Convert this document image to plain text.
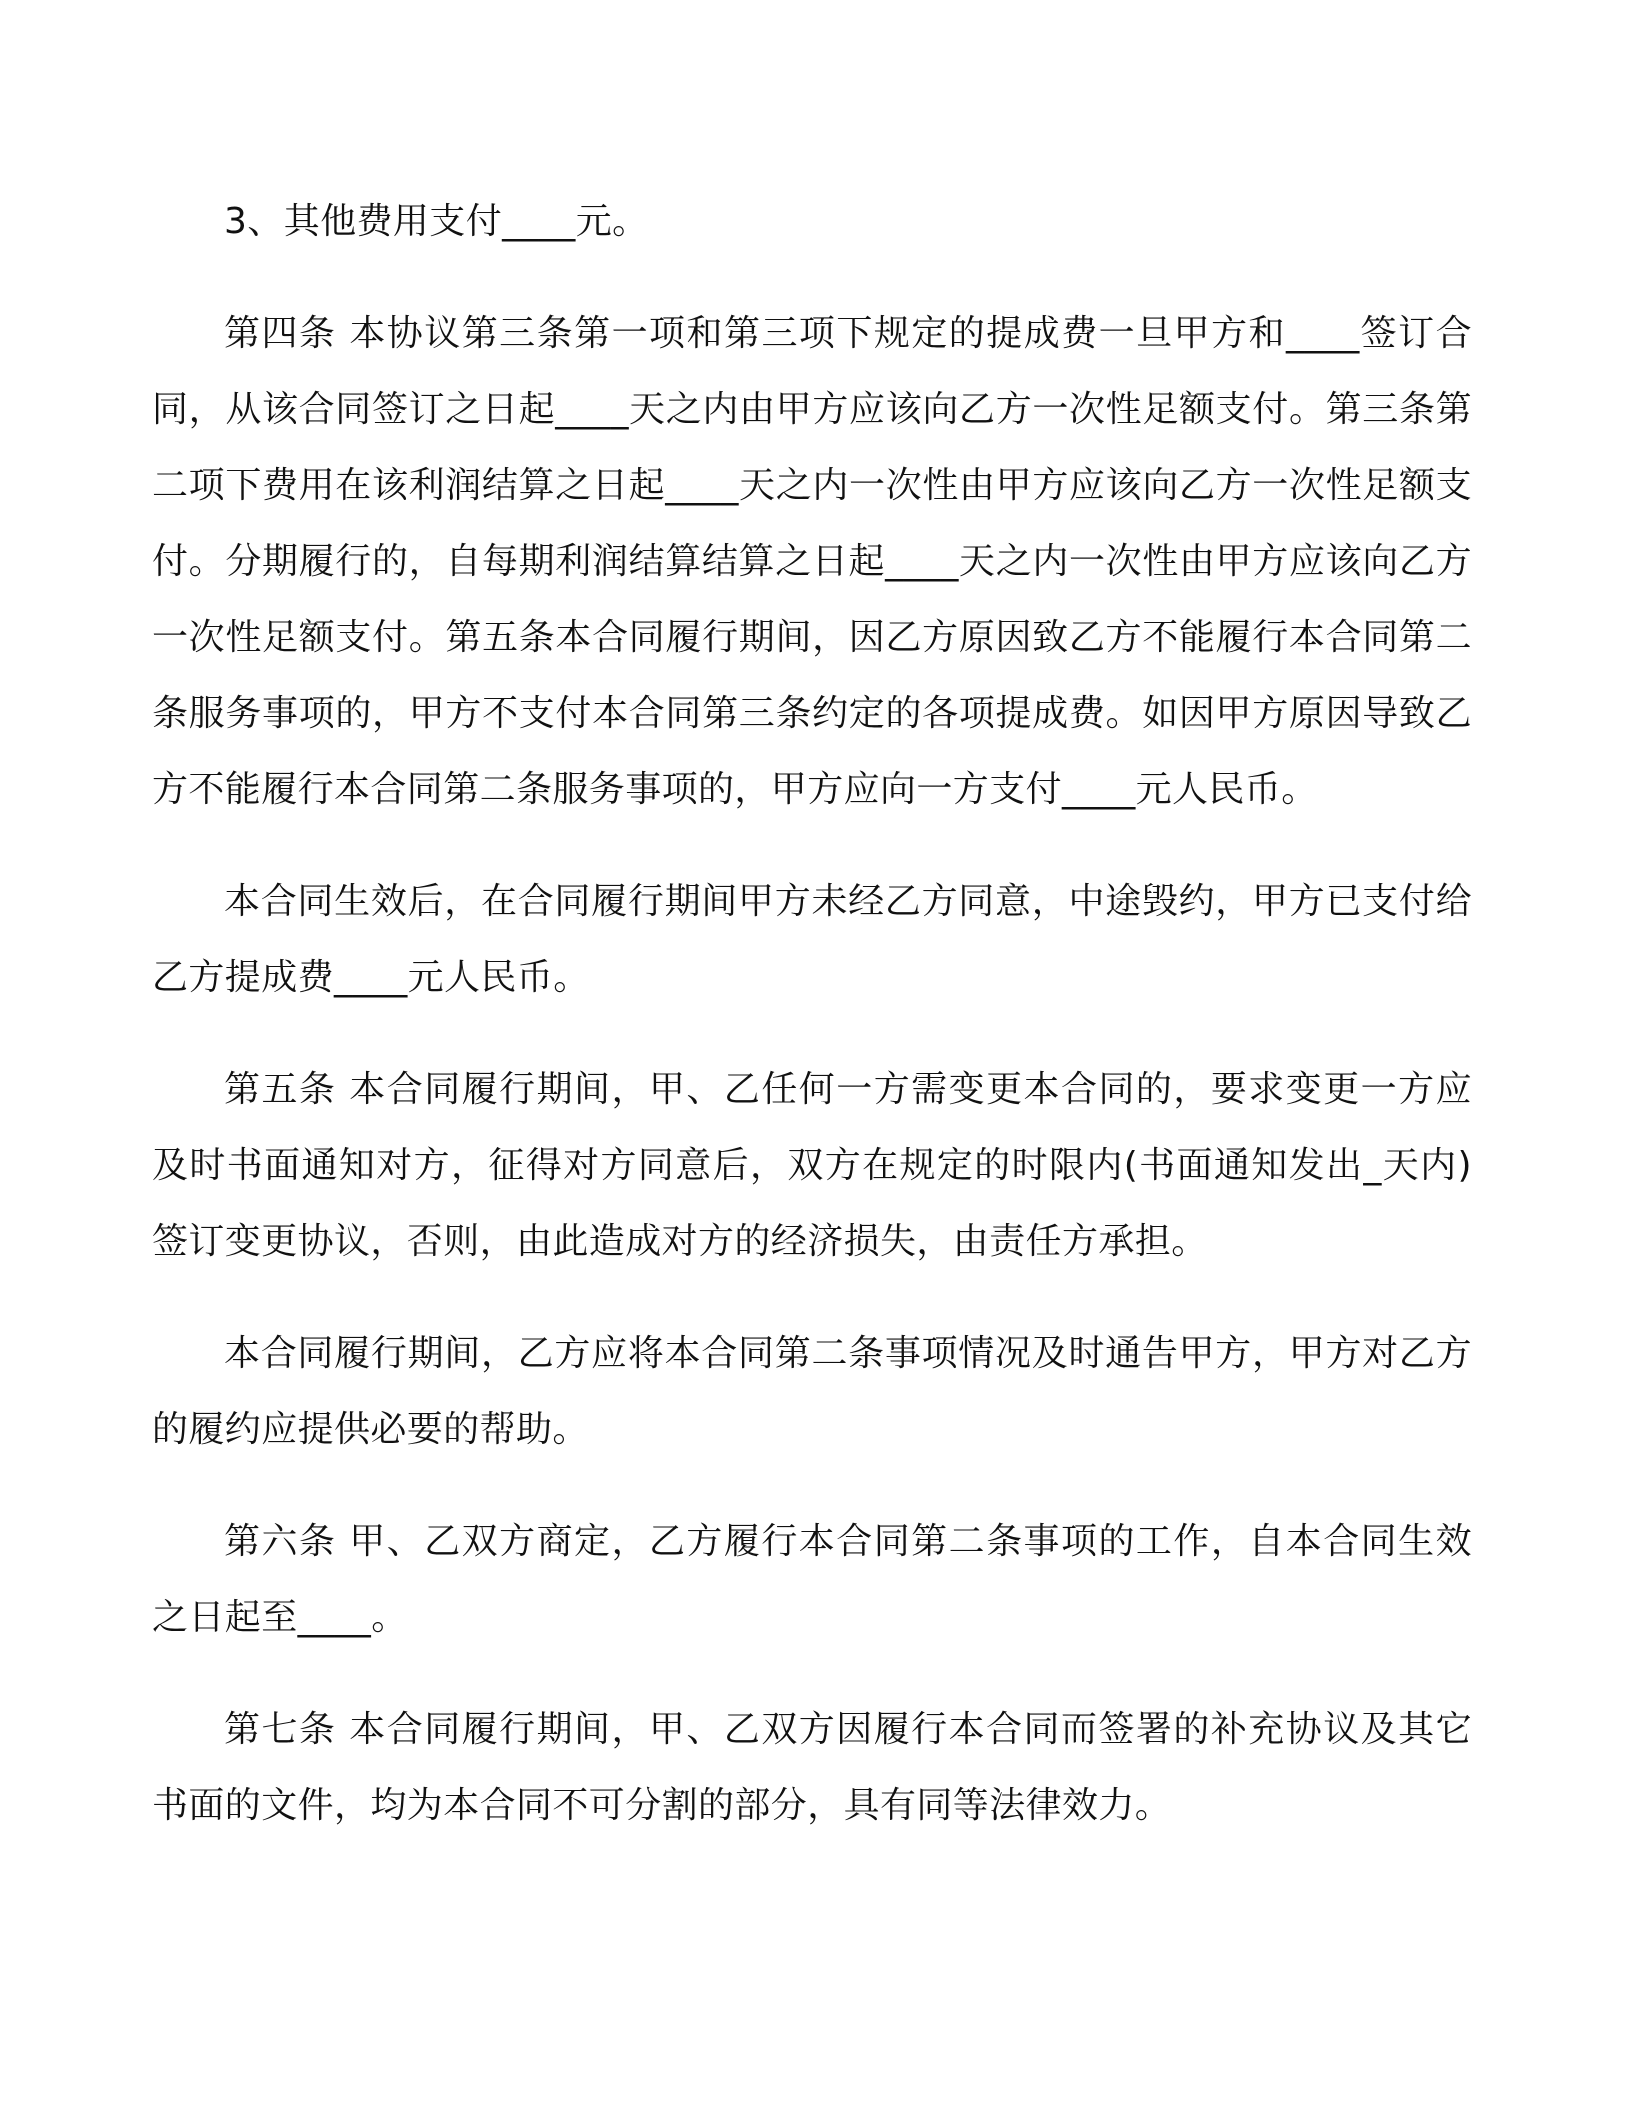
3、其他费用支付____元。

第四条 本协议第三条第一项和第三项下规定的提成费一旦甲方和____签订合同，从该合同签订之日起____天之内由甲方应该向乙方一次性足额支付。第三条第二项下费用在该利润结算之日起____天之内一次性由甲方应该向乙方一次性足额支付。分期履行的，自每期利润结算结算之日起____天之内一次性由甲方应该向乙方一次性足额支付。第五条本合同履行期间，因乙方原因致乙方不能履行本合同第二条服务事项的，甲方不支付本合同第三条约定的各项提成费。如因甲方原因导致乙方不能履行本合同第二条服务事项的，甲方应向一方支付____元人民币。

本合同生效后，在合同履行期间甲方未经乙方同意，中途毁约，甲方已支付给乙方提成费____元人民币。

第五条 本合同履行期间，甲、乙任何一方需变更本合同的，要求变更一方应及时书面通知对方，征得对方同意后，双方在规定的时限内(书面通知发出_天内)签订变更协议，否则，由此造成对方的经济损失，由责任方承担。

本合同履行期间，乙方应将本合同第二条事项情况及时通告甲方，甲方对乙方的履约应提供必要的帮助。

第六条 甲、乙双方商定，乙方履行本合同第二条事项的工作，自本合同生效之日起至____。

第七条 本合同履行期间，甲、乙双方因履行本合同而签署的补充协议及其它书面的文件，均为本合同不可分割的部分，具有同等法律效力。
